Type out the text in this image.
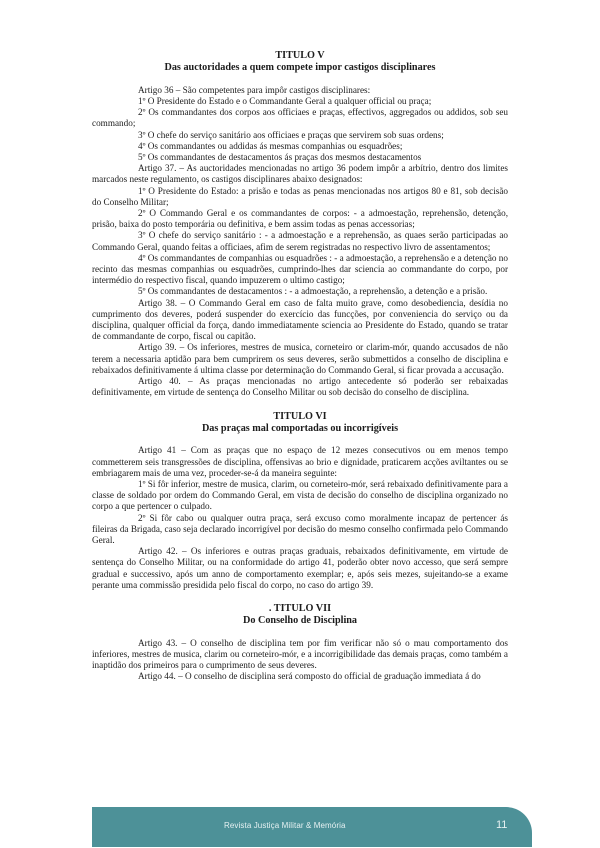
TITULO V

Das auctoridades a quem compete impor castigos disciplinares

Artigo 36 – São competentes para impôr castigos disciplinares:

1º O Presidente do Estado e o Commandante Geral a qualquer official ou praça;

2º Os commandantes dos corpos aos officiaes e praças, effectivos, aggregados ou addidos, sob seu commando;

3º O chefe do serviço sanitário aos officiaes e praças que servirem sob suas ordens;

4º Os commandantes ou addidas ás mesmas companhias ou esquadrões;

5º Os commandantes de destacamentos ás praças dos mesmos destacamentos

Artigo 37. – As auctoridades mencionadas no artigo 36 podem impôr a arbítrio, dentro dos limites marcados neste regulamento, os castigos disciplinares abaixo designados:

1º O Presidente do Estado: a prisão e todas as penas mencionadas nos artigos 80 e 81, sob decisão do Conselho Militar;

2º O Commando Geral e os commandantes de corpos: - a admoestação, reprehensão, detenção, prisão, baixa do posto temporária ou definitiva, e bem assim todas as penas accessorias;

3º O chefe do serviço sanitário : - a admoestação e a reprehensão, as quaes serão participadas ao Commando Geral, quando feitas a officiaes, afim de serem registradas no respectivo livro de assentamentos;

4º Os commandantes de companhias ou esquadrões : - a admoestação, a reprehensão e a detenção no recinto das mesmas companhias ou esquadrões, cumprindo-lhes dar sciencia ao commandante do corpo, por intermédio do respectivo fiscal, quando impuzerem o ultimo castigo;

5º Os commandantes de destacamentos : - a admoestação, a reprehensão, a detenção e a prisão.

Artigo 38. – O Commando Geral em caso de falta muito grave, como desobediencia, desídia no cumprimento dos deveres, poderá suspender do exercício das funcções, por conveniencia do serviço ou da disciplina, qualquer official da força, dando immediatamente sciencia ao Presidente do Estado, quando se tratar de commandante de corpo, fiscal ou capitão.

Artigo 39. – Os inferiores, mestres de musica, corneteiro or clarim-mór, quando accusados de não terem a necessaria aptidão para bem cumprirem os seus deveres, serão submettidos a conselho de disciplina e rebaixados definitivamente á ultima classe por determinação do Commando Geral, si ficar provada a accusação.

Artigo 40. – As praças mencionadas no artigo antecedente só poderão ser rebaixadas definitivamente, em virtude de sentença do Conselho Militar ou sob decisão do conselho de disciplina.

TITULO VI

Das praças mal comportadas ou incorrigíveis

Artigo 41 – Com as praças que no espaço de 12 mezes consecutivos ou em menos tempo commetterem seis transgressões de disciplina, offensivas ao brio e dignidade, praticarem acções aviltantes ou se embriagarem mais de uma vez, proceder-se-á da maneira seguinte:

1º Si fôr inferior, mestre de musica, clarim, ou corneteiro-mór, será rebaixado definitivamente para a classe de soldado por ordem do Commando Geral, em vista de decisão do conselho de disciplina organizado no corpo a que pertencer o culpado.

2º Si fôr cabo ou qualquer outra praça, será excuso como moralmente incapaz de pertencer ás fileiras da Brigada, caso seja declarado incorrigível por decisão do mesmo conselho confirmada pelo Commando Geral.

Artigo 42. – Os inferiores e outras praças graduais, rebaixados definitivamente, em virtude de sentença do Conselho Militar, ou na conformidade do artigo 41, poderão obter novo accesso, que será sempre gradual e successivo, após um anno de comportamento exemplar; e, após seis mezes, sujeitando-se a exame perante uma commissão presidida pelo fiscal do corpo, no caso do artigo 39.

. TITULO VII

Do Conselho de Disciplina

Artigo 43. – O conselho de disciplina tem por fim verificar não só o mau comportamento dos inferiores, mestres de musica, clarim ou corneteiro-mór, e a incorrigibilidade das demais praças, como também a inaptidão dos primeiros para o cumprimento de seus deveres.

Artigo 44. – O conselho de disciplina será composto do official de graduação immediata á do

Revista Justiça Militar & Memória	11
